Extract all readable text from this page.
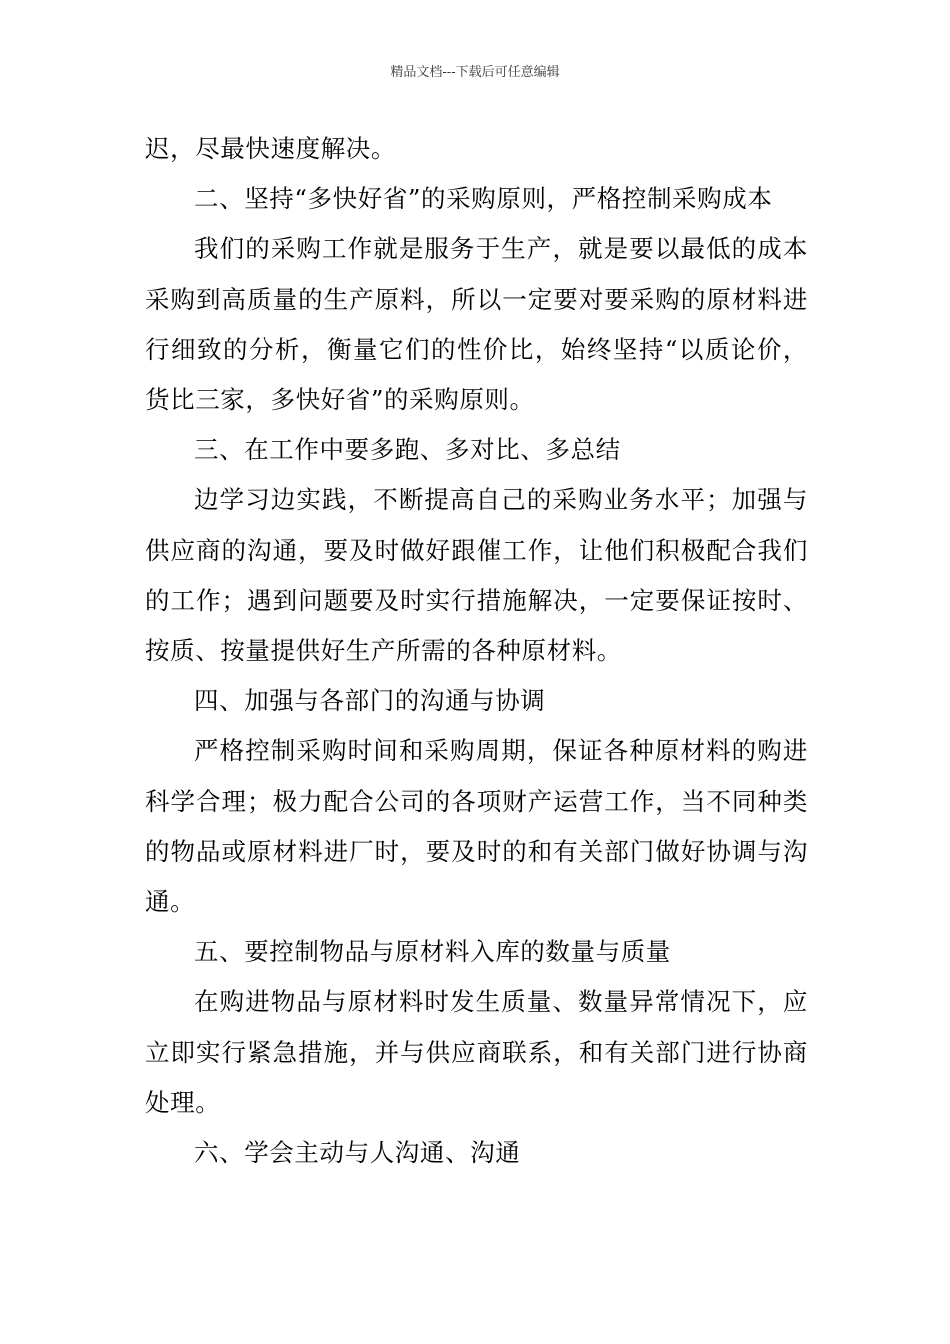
精品文档---下载后可任意编辑

迟，尽最快速度解决。

二、坚持“多快好省”的采购原则，严格控制采购成本

我们的采购工作就是服务于生产，就是要以最低的成本采购到高质量的生产原料，所以一定要对要采购的原材料进行细致的分析，衡量它们的性价比，始终坚持“以质论价，货比三家，多快好省”的采购原则。

三、在工作中要多跑、多对比、多总结

边学习边实践，不断提高自己的采购业务水平；加强与供应商的沟通，要及时做好跟催工作，让他们积极配合我们的工作；遇到问题要及时实行措施解决，一定要保证按时、按质、按量提供好生产所需的各种原材料。

四、加强与各部门的沟通与协调

严格控制采购时间和采购周期，保证各种原材料的购进科学合理；极力配合公司的各项财产运营工作，当不同种类的物品或原材料进厂时，要及时的和有关部门做好协调与沟通。

五、要控制物品与原材料入库的数量与质量

在购进物品与原材料时发生质量、数量异常情况下，应立即实行紧急措施，并与供应商联系，和有关部门进行协商处理。

六、学会主动与人沟通、沟通
